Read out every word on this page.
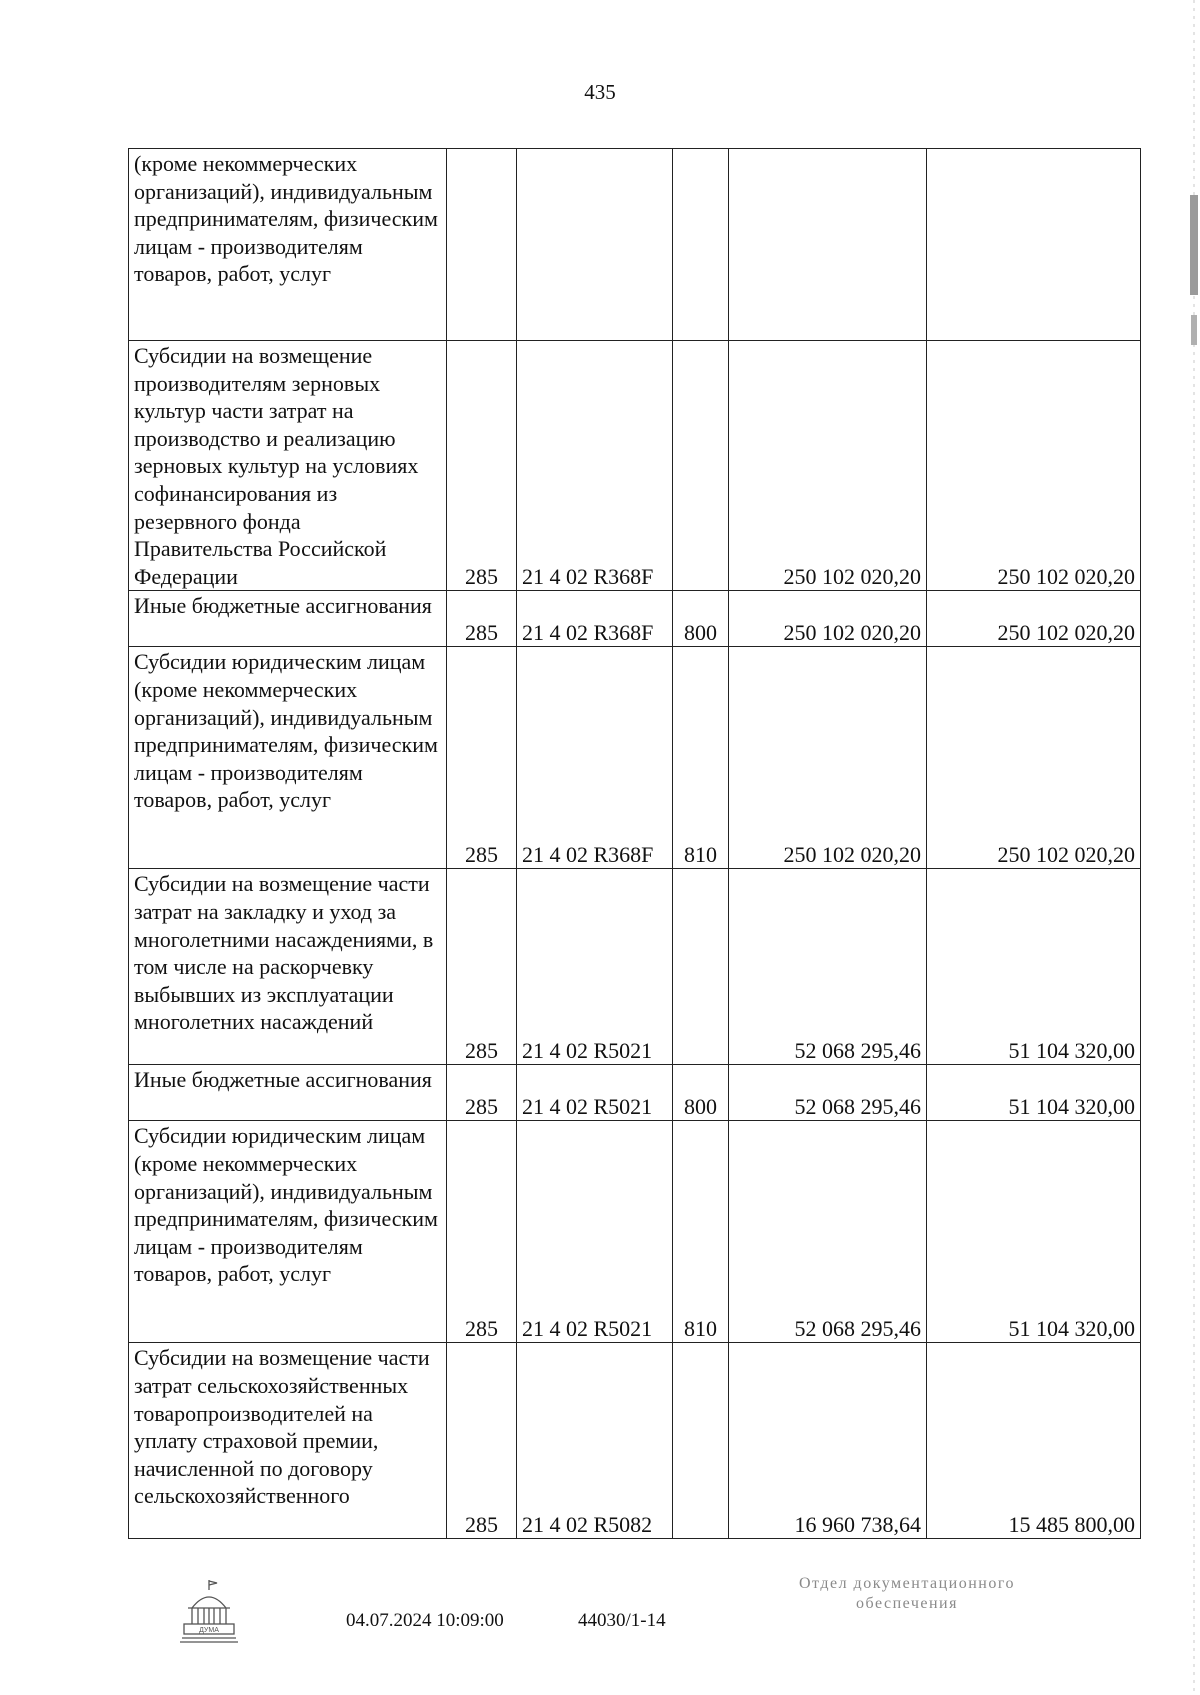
435
(кроме некоммерческих организаций), индивидуальным предпринимателям, физическим лицам - производителям товаров, работ, услуг					
Субсидии на возмещение производителям зерновых культур части затрат на производство и реализацию зерновых культур на условиях софинансирования из резервного фонда Правительства Российской Федерации	285	21 4 02 R368F		250 102 020,20	250 102 020,20
Иные бюджетные ассигнования	285	21 4 02 R368F	800	250 102 020,20	250 102 020,20
Субсидии юридическим лицам (кроме некоммерческих организаций), индивидуальным предпринимателям, физическим лицам - производителям товаров, работ, услуг	285	21 4 02 R368F	810	250 102 020,20	250 102 020,20
Субсидии на возмещение части затрат на закладку и уход за многолетними насаждениями, в том числе на раскорчевку выбывших из эксплуатации многолетних насаждений	285	21 4 02 R5021		52 068 295,46	51 104 320,00
Иные бюджетные ассигнования	285	21 4 02 R5021	800	52 068 295,46	51 104 320,00
Субсидии юридическим лицам (кроме некоммерческих организаций), индивидуальным предпринимателям, физическим лицам - производителям товаров, работ, услуг	285	21 4 02 R5021	810	52 068 295,46	51 104 320,00
Субсидии на возмещение части затрат сельскохозяйственных товаропроизводителей на уплату страховой премии, начисленной по договору сельскохозяйственного	285	21 4 02 R5082		16 960 738,64	15 485 800,00
ДУМА	04.07.2024 10:09:00	44030/1-14
Отдел документационного
обеспечения
